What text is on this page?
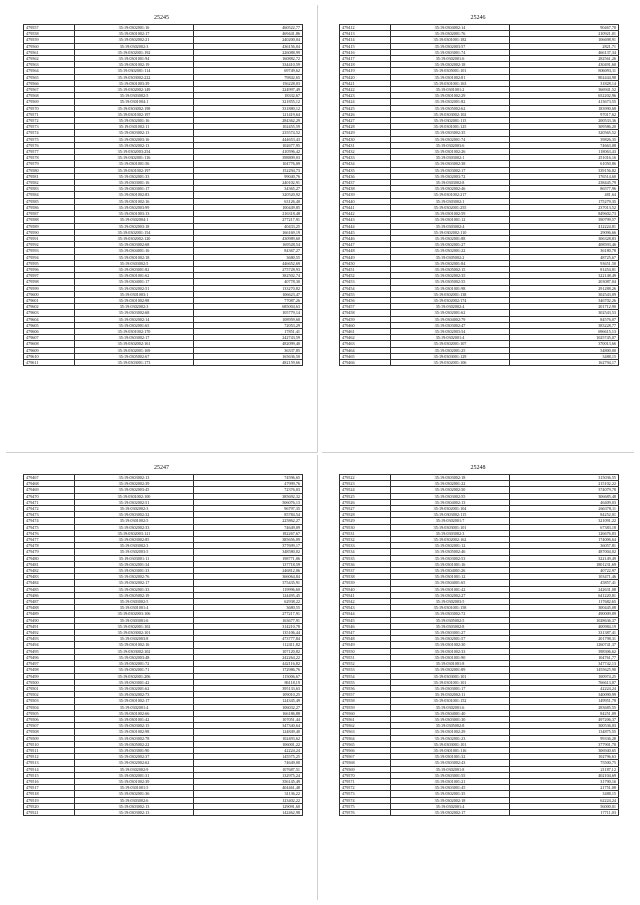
25245
479557	35:19:0302001:16	460522,77
479558	35:19:0301002:17	469441,86
479559	35:19:0302002:21	240200,04
479560	35:19:0302002:3	436156,04
479561	35:19:0302001:192	226088,99
479562	35:19:0301001:94	160882,72
479563	35:19:0301002:19	334410,59
479564	35:19:0302001:114	69749,62
479565	35:19:0303002:222	79842,65
479566	35:19:0301003:39	156228,03
479567	35:19:0302002:149	224997,49
479568	35:19:0303002:5	18332,67
479569	35:19:0301004:1	321855,12
479570	35:19:0303002:198	331880,12
479571	35:19:0301002:197	121419,64
479572	35:19:0302001:16	284362,29
479573	35:19:0301002:11	102455,59
479574	35:19:0303002:13	235574,52
479575	35:19:0302003:16	444653,43
479576	35:19:0302002:13	102677,95
479577	35:19:0302003:254	410596,42
479578	35:19:0302001:116	398809,03
479579	35:19:0301001:56	104776,09
479580	35:19:0301002:197	152294,73
479581	35:19:0302001:33	99040,76
479582	35:19:0303001:16	240102,91
479583	35:19:0303001:17	34365,27
479584	35:19:0301002:83	320520,92
479585	35:19:0301002:16	63126,40
479586	35:19:0302003:99	100449,85
479587	35:19:0301003:13	216318,48
479588	35:19:0302004:1	277217,91
479589	35:19:0302003:18	40433,25
479590	35:19:0302001:154	166169,19
479591	35:19:0302002:120	430989,60
479592	35:19:0303002:68	169528,54
479593	35:19:0304001:16	84367,27
479594	35:19:0301002:18	3680,55
479595	35:19:0303002:5	446652,69
479596	35:19:0303001:82	275728,93
479597	35:19:0301001:62	382502,74
479598	35:19:0304001:17	40778,30
479599	35:19:0302002:51	133270,82
479600	35:19:0301003:1	106623,47
479601	35:19:0301002:98	77087,26
479602	35:19:0302002:3	685004,63
479603	35:19:0303002:68	105779,14
479604	35:19:0302002:14	108959,60
479605	35:19:0302001:65	72053,29
479606	35:19:0301002:170	17851,41
479607	35:19:0303002:17	242743,59
479608	35:19:0302002:161	482099,40
479609	35:19:0302001:169	36337,85
479610	35:19:0305002:67	165636,50
479611	35:19:0303001:173	482159,66
25246
479412	35:19:0304002:14	90467,78
479413	35:19:0302001:76	210921,01
479414	35:19:0301001:182	106698,91
479415	35:19:0302003:57	2821,71
479416	35:19:0303001:74	466137,34
479417	35:19:0302001:6	282561,26
479418	35:19:0302002:18	430491,60
479419	35:19:0305001:101	806093,11
479420	35:19:0301002:81	802444,98
479421	35:19:0301001:163	31828,14
479422	35:19:0301001:2	366941,52
479423	35:19:0301002:29	652202,96
479424	35:19:0302001:82	413673,55
479425	35:19:0305002:62	183990,68
479426	35:19:0303002:102	97017,62
479427	35:19:0302001:115	200533,36
479428	35:19:0301001:125	309586,20
479429	35:19:0303002:35	320565,52
479430	35:19:0302001:74	39826,35
479431	35:19:0302003:6	74663,08
479432	35:19:0301002:26	118063,43
479433	35:19:0303002:1	251016,16
479434	35:19:0303002:38	61050,86
479435	35:19:0303002:17	339156,82
479436	35:19:0302003:72	176514,60
479437	35:19:0303002:8	238445,79
479438	35:19:0302002:46	86577,96
479439	35:19:0301002:217	481,64
479440	35:19:0303002:1	175279,35
479441	35:19:0302001:255	237013,52
479442	35:19:0301002:59	849602,73
479443	35:19:0301001:12	390799,57
479444	35:19:0303002:4	412224,81
479445	35:19:0302002:110	29096,66
479446	35:19:0302001:88	306328,83
479447	35:19:0302001:27	408593,46
479448	35:19:0302001:22	36180,78
479449	35:19:0305002:2	48725,67
479450	35:19:0302001:84	93651,50
479451	35:19:0305002:15	81454,81
479452	35:19:0302002:35	322148,49
479453	35:19:0305002:55	203087,04
479454	35:19:0301001:98	291288,26
479455	35:19:0302001:138	302543,09
479456	35:19:0302002:174	346702,26
479457	35:19:0302002:4	201712,90
479458	35:19:0302001:62	302543,53
479459	35:19:0304002:79	84576,07
479460	35:19:0303002:47	383228,77
479461	35:19:0302003:54	696615,13
479462	35:19:0302001:4	1025745,07
479463	35:19:0302001:107	370013,66
479464	35:19:0302001:25	54800,00
479465	35:19:0303001:129	3488,15
479466	35:19:0302001:106	162794,17
25247
479467	35:19:0303002:13	74596,65
479468	35:19:0302002:39	47999,76
479469	35:19:0302003:45	72376,03
479470	35:19:0301002:100	385692,32
479471	35:19:0302002:51	506076,13
479472	35:19:0302002:3	96797,35
479473	35:19:0303002:32	85784,54
479474	35:19:0301002:5	225862,27
479475	35:19:0302002:33	74649,09
479476	35:19:0302003:121	182267,67
479477	35:19:0303002:85	385656,09
479478	35:19:0303002:3	377699,17
479479	35:19:0302003:5	348580,02
479480	35:19:0303001:11	198771,06
479481	35:19:0302001:34	137718,59
479482	35:19:0303001:33	246812,06
479483	35:19:0302002:76	366064,84
479484	35:19:0302002:17	375435,91
479485	35:19:0302001:33	119996,60
479486	35:19:0305002:19	124495,45
479487	35:19:0303002:5	62938,22
479488	35:19:0301001:4	3680,55
479489	35:19:0302003:106	277217,91
479490	35:19:0303001:6	163677,91
479491	35:19:0302001:102	314210,78
479492	35:19:0303002:101	135106,44
479493	35:19:0302003:8	473777,84
479494	35:19:0301002:16	112411,82
479495	35:19:0303002:102	107120,82
479496	35:19:0302003:48	242264,22
479497	35:19:0302001:72	442116,82
479498	35:19:0302001:71	172986,76
479499	35:19:0302001:206	115006,67
479500	35:19:0303001:42	86118,19
479501	35:19:0302001:62	395133,63
479502	35:19:0302002:73	109010,25
479503	35:19:0301002:17	124345,49
479504	35:19:0302001:4	106032,27
479505	35:19:0301002:66	166186,88
479506	35:19:0301001:42	107051,44
479507	35:19:0303002:15	347340,64
479508	35:19:0301002:98	124849,40
479509	35:19:0303002:78	102493,62
479510	35:19:0305002:22	106001,22
479511	35:19:0303001:90	42224,24
479512	35:19:0302002:37	145575,25
479513	35:19:0302002:62	74649,00
479514	35:19:0302002:9	107687,51
479515	35:19:0302001:31	132975,24
479516	35:19:0301002:39	356145,49
479517	35:19:0301001:5	404461,48
479518	35:19:0302001:36	31136,22
479519	35:19:0303002:6	123402,22
479520	35:19:0303002:13	129091,60
479521	35:19:0303002:13	142462,98
25248
479522	35:19:0303002:18	315036,55
479523	35:19:0302001:22	215102,22
479524	35:19:0302002:50	374079,78
479525	35:19:0303002:55	306685,48
479526	35:19:0304002:13	46409,03
479527	35:19:0302001:104	266378,11
479528	35:19:0303002:115	84252,01
479529	35:19:0302001:7	321091,22
479530	35:19:0303001:101	67383,18
479531	35:19:0303002:3	126676,83
479532	35:19:0302002:162	174006,64
479533	35:19:0302001:12	36057,81
479534	35:19:0305002:46	487004,02
479535	35:19:0303002:53	322149,49
479536	35:19:0301001:16	1801231,69
479537	35:19:0304001:26	40722,97
479538	35:19:0301001:12	103471,46
479539	35:19:0304001:65	45857,41
479540	35:19:0301001:42	242631,08
479541	35:19:0302002:27	641220,81
479542	35:19:0302003:5	117682,65
479543	35:19:0301001:158	300445,08
479544	35:19:0303002:72	490009,09
479545	35:19:0305002:5	1028636,37
479546	35:19:0303002:8	400984,19
479547	35:19:0303001:27	331387,41
479548	35:19:0302001:57	201798,31
479549	35:19:0301002:30	1260741,37
479550	35:19:0301002:33	398306,62
479551	35:19:0301001:90	104761,77
479552	35:19:0301001:8	347742,13
479553	35:19:0302001:89	1455625,90
479554	35:19:0303001:101	100974,25
479555	35:19:0301001:101	766613,87
479556	35:19:0303001:17	42224,24
479557	35:19:0302002:11	340090,99
479558	35:19:0301001:152	149951,78
479559	35:19:0302001:6	283685,55
479560	35:19:0304001:40	84251,09
479561	35:19:0303001:30	497206,37
479562	35:19:0305002:8	300536,03
479563	35:19:0301002:29	134875,55
479564	35:19:0302001:23	99336,28
479565	35:19:0303001:101	377901,70
479566	35:19:0301001:116	306940,65
479567	35:19:0301001:32	102796,63
479568	35:19:0303002:43	75500,75
479569	35:19:0302001:8	21187,12
479570	35:19:0303001:55	402104,69
479571	35:19:0301001:21	31790,16
479572	35:19:0303001:45	21751,08
479573	35:19:0302001:35	3488,15
479574	35:19:0302002:18	62224,24
479575	35:19:0302001:4	56000,01
479576	35:19:0302002:17	17711,03
